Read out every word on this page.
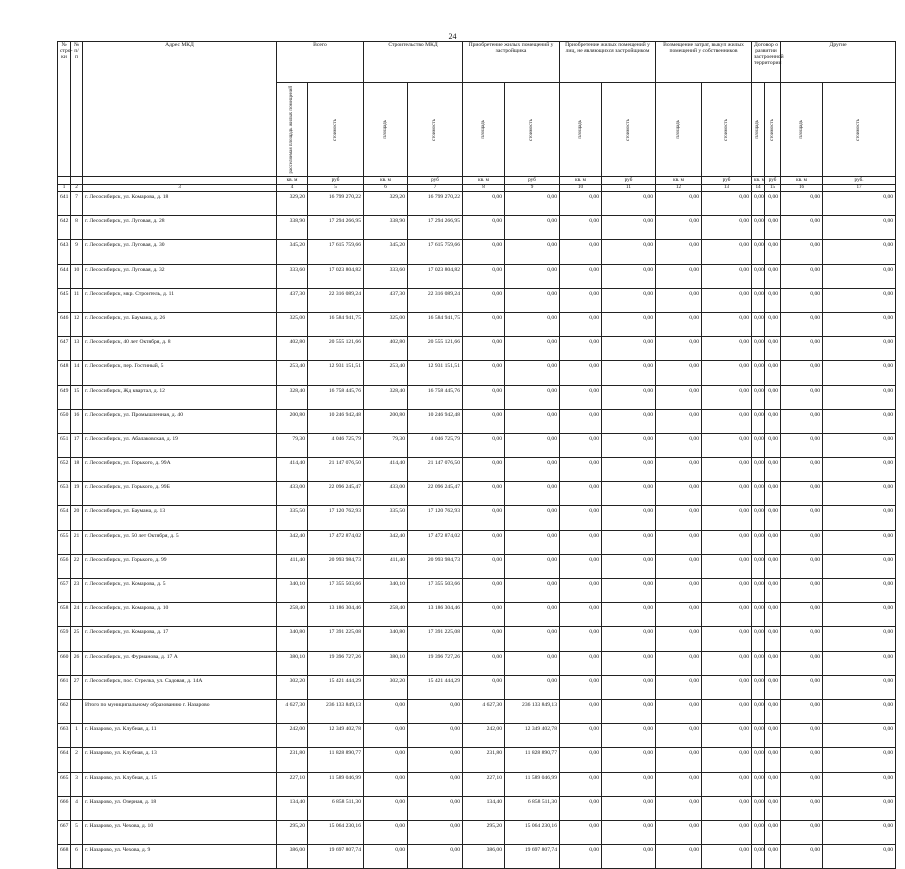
24
№ стро-ки	№ п/п	Адрес МКД	Всего		Строительство МКД		Приобретение жилых помещений у застройщика		Приобретение жилых помещений у лиц, не являющихся застройщиком		Возмещение затрат, выкуп жилых помещений у собственников		Договор о развитии застроенной территории		Другие	

			расселяемая площадь жилых помещений	стоимость	площадь	стоимость	площадь	стоимость	площадь	стоимость	площадь	стоимость	площадь	стоимость	площадь	стоимость

			кв. м	руб	кв. м	руб	кв. м	руб	кв. м	руб	кв. м	руб	кв. м	руб	кв. м	руб.
1	2	3	4	5	6	7	8	9	10	11	12	13	14	15	16	17
641	7	г. Лесосибирск, ул. Комарова, д. 18	329,20	16 799 270,22	329,20	16 799 270,22	0,00	0,00	0,00	0,00	0,00	0,00	0,00	0,00	0,00	0,00
642	8	г. Лесосибирск, ул. Луговая, д. 28	338,90	17 294 266,95	338,90	17 294 266,95	0,00	0,00	0,00	0,00	0,00	0,00	0,00	0,00	0,00	0,00
643	9	г. Лесосибирск, ул. Луговая, д. 30	345,20	17 615 759,66	345,20	17 615 759,66	0,00	0,00	0,00	0,00	0,00	0,00	0,00	0,00	0,00	0,00
644	10	г. Лесосибирск, ул. Луговая, д. 32	333,60	17 023 804,82	333,60	17 023 804,82	0,00	0,00	0,00	0,00	0,00	0,00	0,00	0,00	0,00	0,00
645	11	г. Лесосибирск, мкр. Строитель, д. 11	437,30	22 316 089,24	437,30	22 316 089,24	0,00	0,00	0,00	0,00	0,00	0,00	0,00	0,00	0,00	0,00
646	12	г. Лесосибирск, ул. Баумана, д. 26	325,00	16 584 941,75	325,00	16 584 941,75	0,00	0,00	0,00	0,00	0,00	0,00	0,00	0,00	0,00	0,00
647	13	г. Лесосибирск, 40 лет Октября, д. 8	402,80	20 555 121,66	402,80	20 555 121,66	0,00	0,00	0,00	0,00	0,00	0,00	0,00	0,00	0,00	0,00
648	14	г. Лесосибирск, пер. Гостиный, 5	253,40	12 931 151,51	253,40	12 931 151,51	0,00	0,00	0,00	0,00	0,00	0,00	0,00	0,00	0,00	0,00
649	15	г. Лесосибирск, Жд квартал, д. 12	328,40	16 758 445,76	328,40	16 758 445,76	0,00	0,00	0,00	0,00	0,00	0,00	0,00	0,00	0,00	0,00
650	16	г. Лесосибирск, ул. Промышленная, д. 40	200,80	10 246 942,48	200,80	10 246 942,48	0,00	0,00	0,00	0,00	0,00	0,00	0,00	0,00	0,00	0,00
651	17	г. Лесосибирск, ул. Абалаковская, д. 19	79,30	4 046 725,79	79,30	4 046 725,79	0,00	0,00	0,00	0,00	0,00	0,00	0,00	0,00	0,00	0,00
652	18	г. Лесосибирск, ул. Горького, д. 99А	414,40	21 147 076,50	414,40	21 147 076,50	0,00	0,00	0,00	0,00	0,00	0,00	0,00	0,00	0,00	0,00
653	19	г. Лесосибирск, ул. Горького, д. 99Б	433,00	22 096 245,47	433,00	22 096 245,47	0,00	0,00	0,00	0,00	0,00	0,00	0,00	0,00	0,00	0,00
654	20	г. Лесосибирск, ул. Баумана, д. 13	335,50	17 120 762,93	335,50	17 120 762,93	0,00	0,00	0,00	0,00	0,00	0,00	0,00	0,00	0,00	0,00
655	21	г. Лесосибирск, ул. 50 лет Октября, д. 5	342,40	17 472 874,02	342,40	17 472 874,02	0,00	0,00	0,00	0,00	0,00	0,00	0,00	0,00	0,00	0,00
656	22	г. Лесосибирск, ул. Горького, д. 99	411,40	20 993 984,73	411,40	20 993 984,73	0,00	0,00	0,00	0,00	0,00	0,00	0,00	0,00	0,00	0,00
657	23	г. Лесосибирск, ул. Комарова, д. 5	340,10	17 355 503,66	340,10	17 355 503,66	0,00	0,00	0,00	0,00	0,00	0,00	0,00	0,00	0,00	0,00
658	24	г. Лесосибирск, ул. Комарова, д. 10	258,40	13 186 304,46	258,40	13 186 304,46	0,00	0,00	0,00	0,00	0,00	0,00	0,00	0,00	0,00	0,00
659	25	г. Лесосибирск, ул. Комарова, д. 17	340,80	17 391 225,08	340,80	17 391 225,08	0,00	0,00	0,00	0,00	0,00	0,00	0,00	0,00	0,00	0,00
660	26	г. Лесосибирск, ул. Фурманова, д. 17 А	380,10	19 396 727,26	380,10	19 396 727,26	0,00	0,00	0,00	0,00	0,00	0,00	0,00	0,00	0,00	0,00
661	27	г. Лесосибирск, пос. Стрелка, ул. Садовая, д. 14А	302,20	15 421 444,29	302,20	15 421 444,29	0,00	0,00	0,00	0,00	0,00	0,00	0,00	0,00	0,00	0,00
662		Итого по муниципальному образованию г. Назарово	4 627,30	236 133 849,13	0,00	0,00	4 627,30	236 133 849,13	0,00	0,00	0,00	0,00	0,00	0,00	0,00	0,00
663	1	г. Назарово, ул. Клубная, д. 11	242,00	12 349 402,78	0,00	0,00	242,00	12 349 402,78	0,00	0,00	0,00	0,00	0,00	0,00	0,00	0,00
664	2	г. Назарово, ул. Клубная, д. 13	231,80	11 828 890,77	0,00	0,00	231,80	11 828 890,77	0,00	0,00	0,00	0,00	0,00	0,00	0,00	0,00
665	3	г. Назарово, ул. Клубная, д. 15	227,10	11 589 046,99	0,00	0,00	227,10	11 589 046,99	0,00	0,00	0,00	0,00	0,00	0,00	0,00	0,00
666	4	г. Назарово, ул. Озерная, д. 18	134,40	6 858 511,30	0,00	0,00	134,40	6 858 511,30	0,00	0,00	0,00	0,00	0,00	0,00	0,00	0,00
667	5	г. Назарово, ул. Чехова, д. 10	295,20	15 064 230,16	0,00	0,00	295,20	15 064 230,16	0,00	0,00	0,00	0,00	0,00	0,00	0,00	0,00
668	6	г. Назарово, ул. Чехова, д. 9	386,00	19 697 807,74	0,00	0,00	386,00	19 697 807,74	0,00	0,00	0,00	0,00	0,00	0,00	0,00	0,00
